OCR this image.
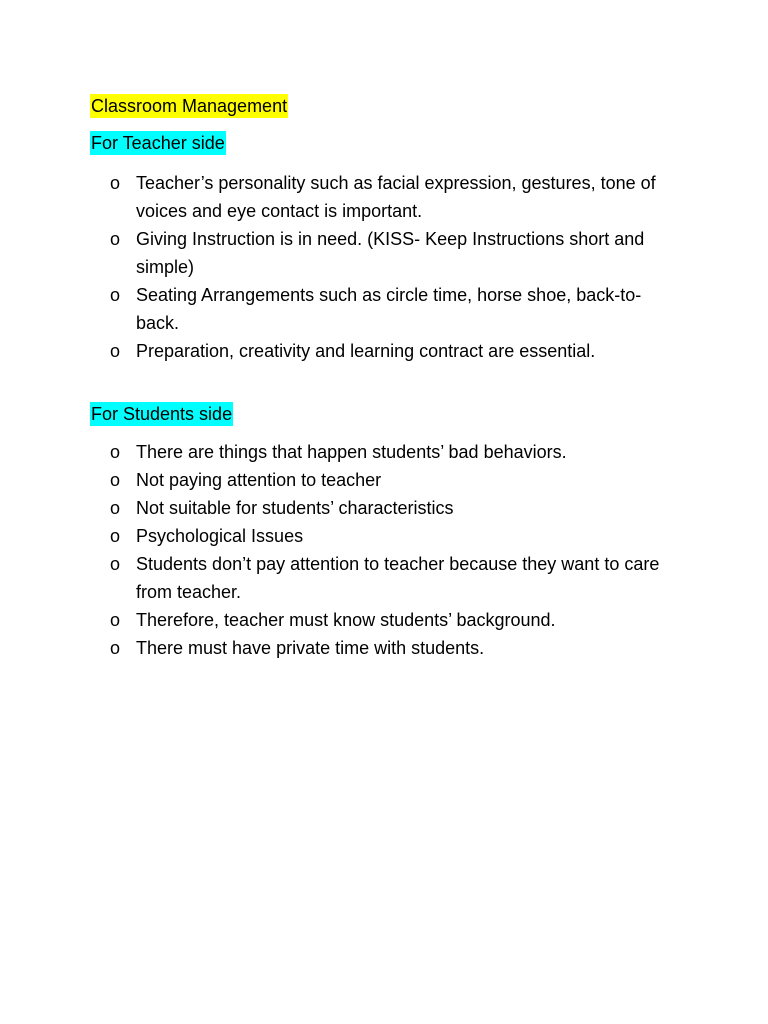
Classroom Management
For Teacher side
o Teacher’s personality such as facial expression, gestures, tone of voices and eye contact is important.
o Giving Instruction is in need. (KISS- Keep Instructions short and simple)
o Seating Arrangements such as circle time, horse shoe, back-to-back.
o Preparation, creativity and learning contract are essential.
For Students side
o There are things that happen students’ bad behaviors.
o Not paying attention to teacher
o Not suitable for students’ characteristics
o Psychological Issues
o Students don’t pay attention to teacher because they want to care from teacher.
o Therefore, teacher must know students’ background.
o There must have private time with students.
